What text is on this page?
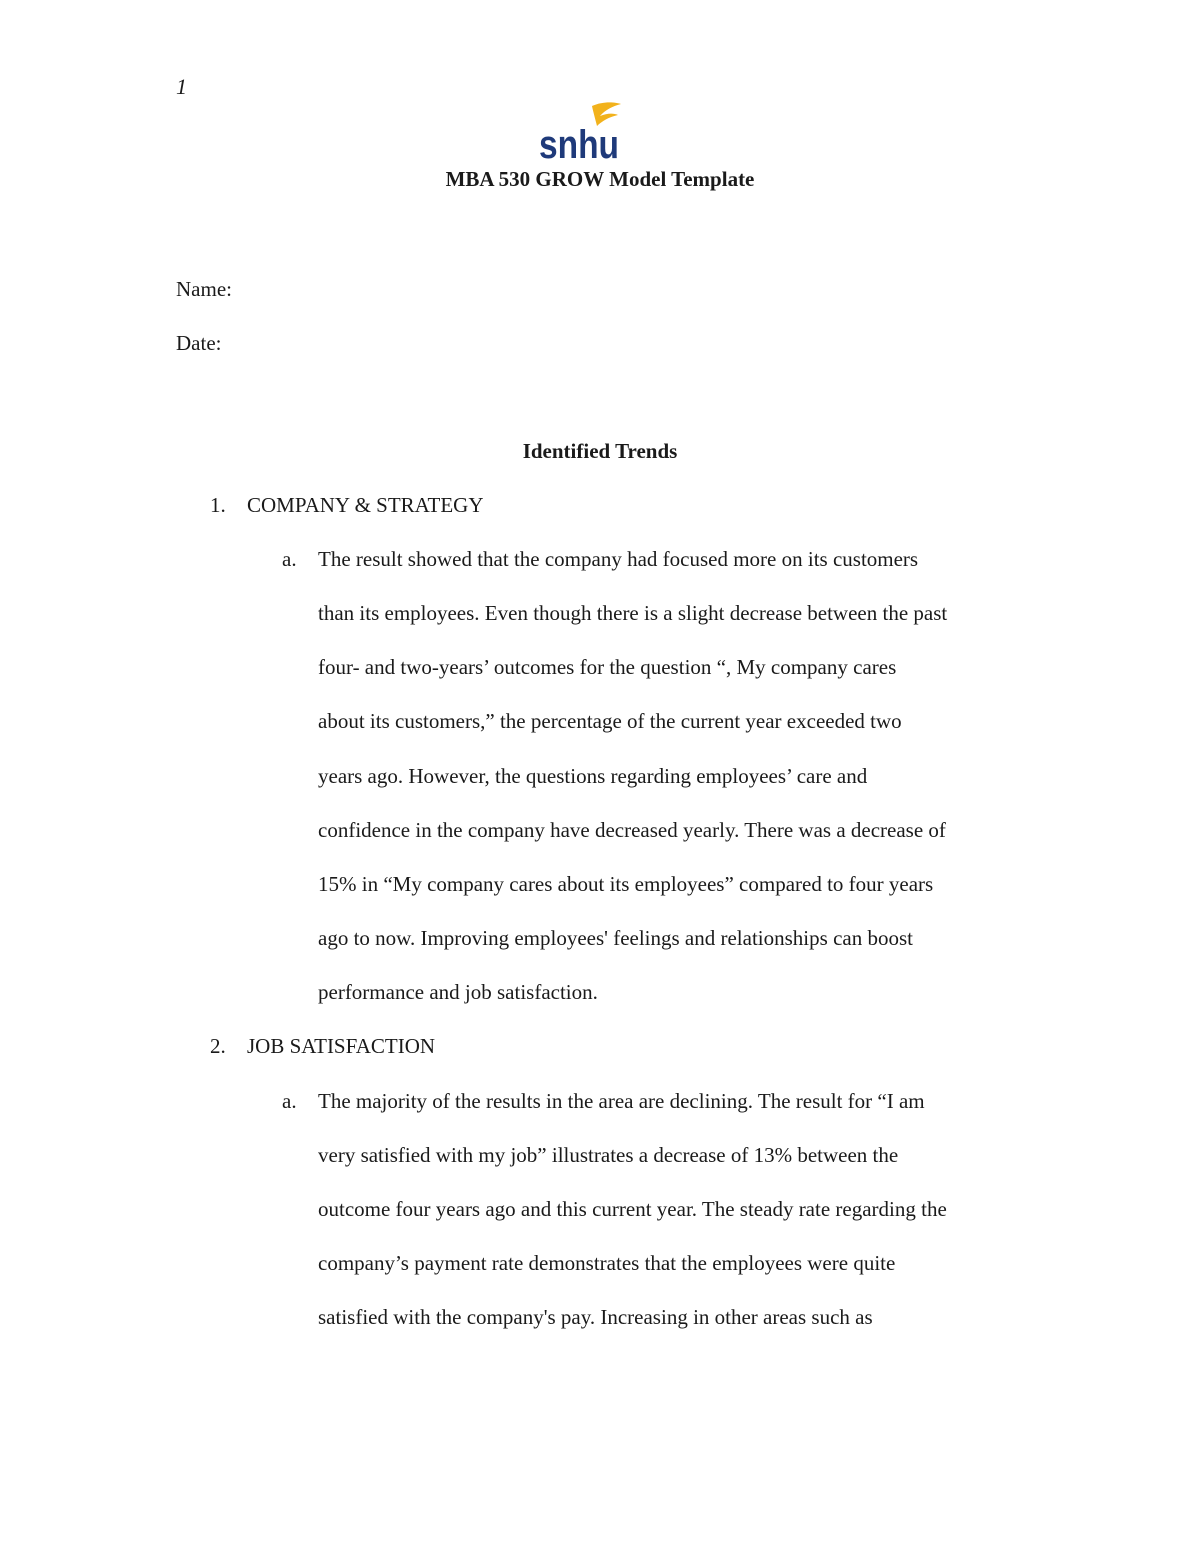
1
snhu
MBA 530 GROW Model Template
Name:
Date:
Identified Trends
1. COMPANY & STRATEGY
a. The result showed that the company had focused more on its customers
than its employees. Even though there is a slight decrease between the past
four- and two-years’ outcomes for the question “, My company cares
about its customers,” the percentage of the current year exceeded two
years ago. However, the questions regarding employees’ care and
confidence in the company have decreased yearly. There was a decrease of
15% in “My company cares about its employees” compared to four years
ago to now. Improving employees' feelings and relationships can boost
performance and job satisfaction.
2. JOB SATISFACTION
a. The majority of the results in the area are declining. The result for “I am
very satisfied with my job” illustrates a decrease of 13% between the
outcome four years ago and this current year. The steady rate regarding the
company’s payment rate demonstrates that the employees were quite
satisfied with the company's pay. Increasing in other areas such as
